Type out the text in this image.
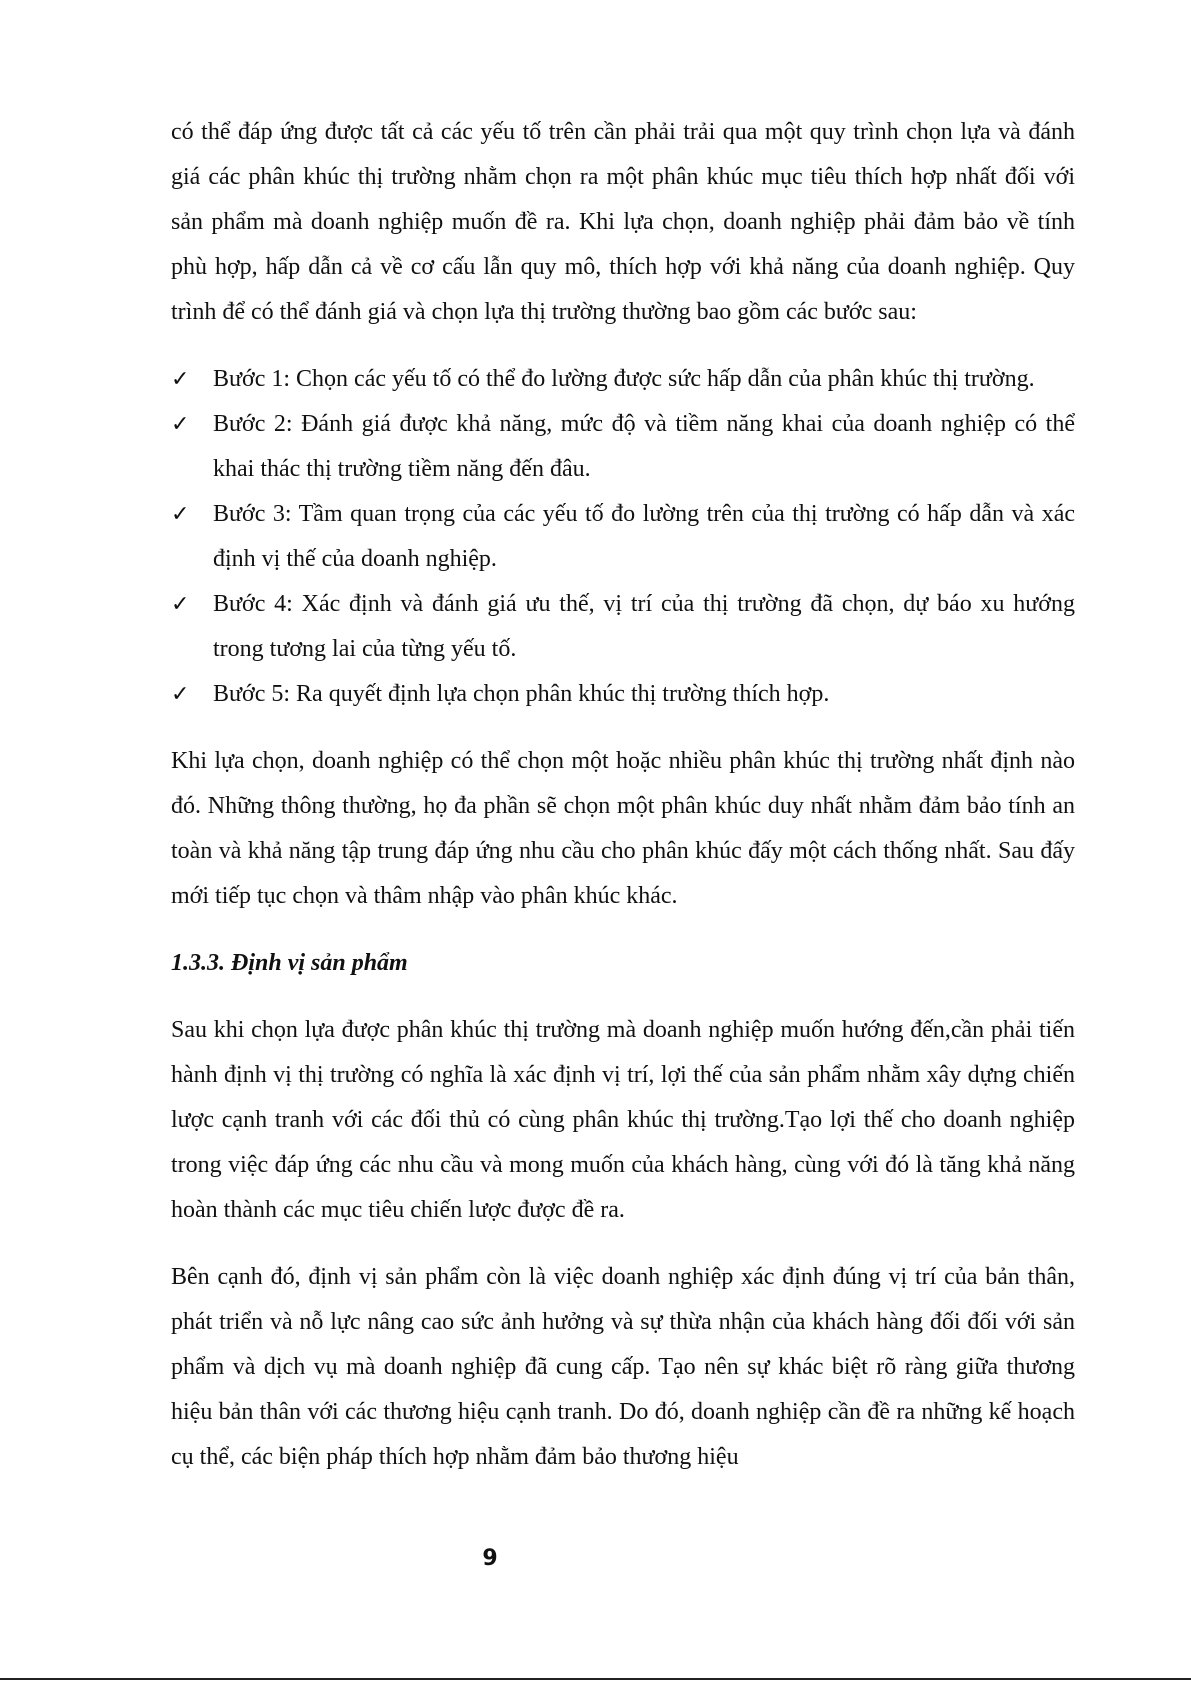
có thể đáp ứng được tất cả các yếu tố trên cần phải trải qua một quy trình chọn lựa và đánh giá các phân khúc thị trường nhằm chọn ra một phân khúc mục tiêu thích hợp nhất đối với sản phẩm mà doanh nghiệp muốn đề ra. Khi lựa chọn, doanh nghiệp phải đảm bảo về tính phù hợp, hấp dẫn cả về cơ cấu lẫn quy mô, thích hợp với khả năng của doanh nghiệp. Quy trình để có thể đánh giá và chọn lựa thị trường thường bao gồm các bước sau:

✓ Bước 1: Chọn các yếu tố có thể đo lường được sức hấp dẫn của phân khúc thị trường.
✓ Bước 2: Đánh giá được khả năng, mức độ và tiềm năng khai của doanh nghiệp có thể khai thác thị trường tiềm năng đến đâu.
✓ Bước 3: Tầm quan trọng của các yếu tố đo lường trên của thị trường có hấp dẫn và xác định vị thế của doanh nghiệp.
✓ Bước 4: Xác định và đánh giá ưu thế, vị trí của thị trường đã chọn, dự báo xu hướng trong tương lai của từng yếu tố.
✓ Bước 5: Ra quyết định lựa chọn phân khúc thị trường thích hợp.

Khi lựa chọn, doanh nghiệp có thể chọn một hoặc nhiều phân khúc thị trường nhất định nào đó. Những thông thường, họ đa phần sẽ chọn một phân khúc duy nhất nhằm đảm bảo tính an toàn và khả năng tập trung đáp ứng nhu cầu cho phân khúc đấy một cách thống nhất. Sau đấy mới tiếp tục chọn và thâm nhập vào phân khúc khác.

1.3.3. Định vị sản phẩm

Sau khi chọn lựa được phân khúc thị trường mà doanh nghiệp muốn hướng đến,cần phải tiến hành định vị thị trường có nghĩa là xác định vị trí, lợi thế của sản phẩm nhằm xây dựng chiến lược cạnh tranh với các đối thủ có cùng phân khúc thị trường.Tạo lợi thế cho doanh nghiệp trong việc đáp ứng các nhu cầu và mong muốn của khách hàng, cùng với đó là tăng khả năng hoàn thành các mục tiêu chiến lược được đề ra.

Bên cạnh đó, định vị sản phẩm còn là việc doanh nghiệp xác định đúng vị trí của bản thân, phát triển và nỗ lực nâng cao sức ảnh hưởng và sự thừa nhận của khách hàng đối đối với sản phẩm và dịch vụ mà doanh nghiệp đã cung cấp. Tạo nên sự khác biệt rõ ràng giữa thương hiệu bản thân với các thương hiệu cạnh tranh. Do đó, doanh nghiệp cần đề ra những kế hoạch cụ thể, các biện pháp thích hợp nhằm đảm bảo thương hiệu

9
